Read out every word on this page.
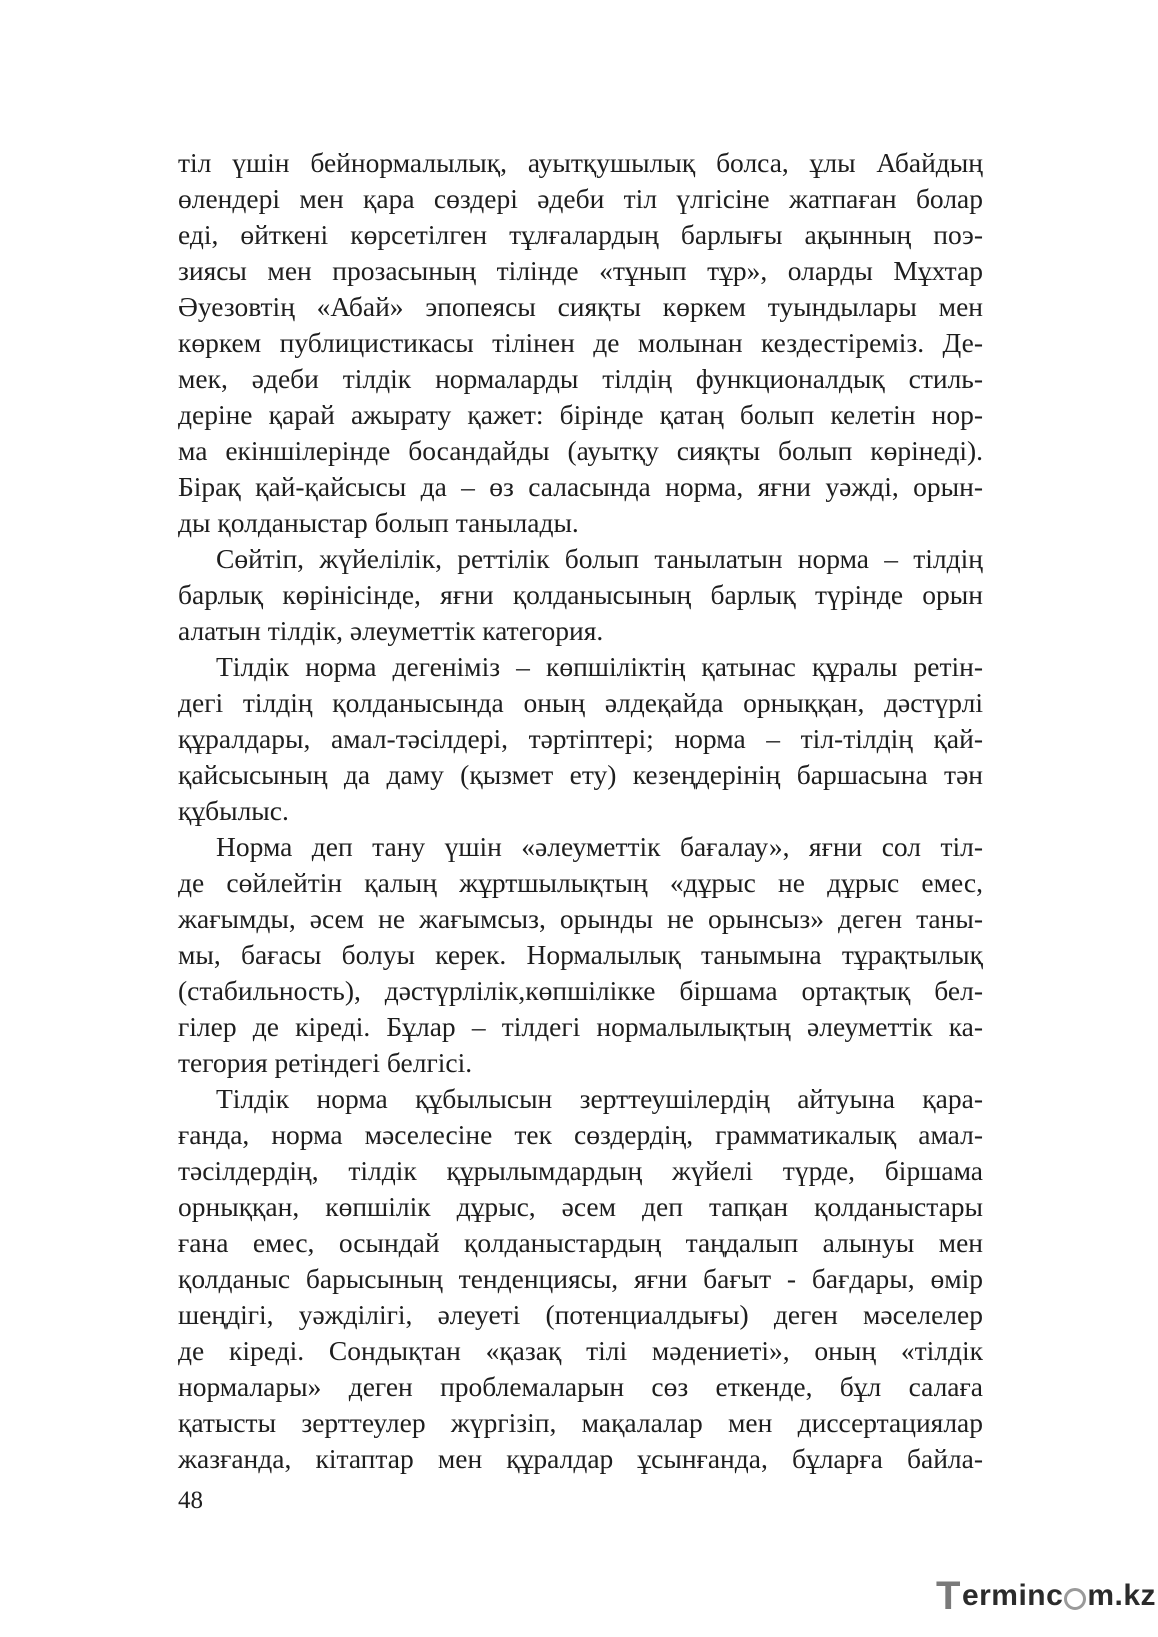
тіл үшін бейнормалылық, ауытқушылық болса, ұлы Абайдың
өлендері мен қара сөздері әдеби тіл үлгісіне жатпаған болар
еді, өйткені көрсетілген тұлғалардың барлығы ақынның поэ-
зиясы мен прозасының тілінде «тұнып тұр», оларды Мұхтар
Әуезовтің «Абай» эпопеясы сияқты көркем туындылары мен
көркем публицистикасы тілінен де молынан кездестіреміз. Де-
мек, әдеби тілдік нормаларды тілдің функционалдық стиль-
деріне қарай ажырату қажет: бірінде қатаң болып келетін нор-
ма екіншілерінде босандайды (ауытқу сияқты болып көрінеді).
Бірақ қай-қайсысы да – өз саласында норма, яғни уәжді, орын-
ды қолданыстар болып танылады.
Сөйтіп, жүйелілік, реттілік болып танылатын норма – тілдің
барлық көрінісінде, яғни қолданысының барлық түрінде орын
алатын тілдік, әлеуметтік категория.
Тілдік норма дегеніміз – көпшіліктің қатынас құралы ретін-
дегі тілдің қолданысында оның әлдеқайда орныққан, дәстүрлі
құралдары, амал-тәсілдері, тәртіптері; норма – тіл-тілдің қай-
қайсысының да даму (қызмет ету) кезеңдерінің баршасына тән
құбылыс.
Норма деп тану үшін «әлеуметтік бағалау», яғни сол тіл-
де сөйлейтін қалың жұртшылықтың «дұрыс не дұрыс емес,
жағымды, әсем не жағымсыз, орынды не орынсыз» деген таны-
мы, бағасы болуы керек. Нормалылық танымына тұрақтылық
(стабильность), дәстүрлілік,көпшілікке біршама ортақтық бел-
гілер де кіреді. Бұлар – тілдегі нормалылықтың әлеуметтік ка-
тегория ретіндегі белгісі.
Тілдік норма құбылысын зерттеушілердің айтуына қара-
ғанда, норма мәселесіне тек сөздердің, грамматикалық амал-
тәсілдердің, тілдік құрылымдардың жүйелі түрде, біршама
орныққан, көпшілік дұрыс, әсем деп тапқан қолданыстары
ғана емес, осындай қолданыстардың таңдалып алынуы мен
қолданыс барысының тенденциясы, яғни бағыт - бағдары, өмір
шеңдігі, уәжділігі, әлеуеті (потенциалдығы) деген мәселелер
де кіреді. Сондықтан «қазақ тілі мәдениеті», оның «тілдік
нормалары» деген проблемаларын сөз еткенде, бұл салаға
қатысты зерттеулер жүргізіп, мақалалар мен диссертациялар
жазғанда, кітаптар мен құралдар ұсынғанда, бұларға байла-
48
T erminc m.kz
